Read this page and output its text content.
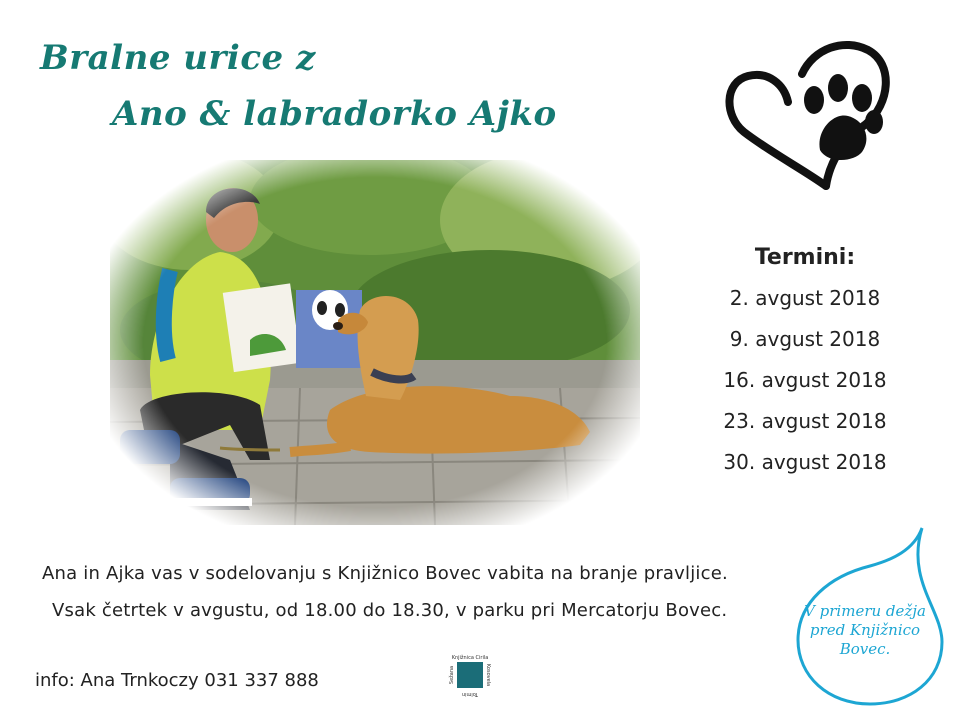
Bralne urice z
Ano & labradorko Ajko
Termini:
2. avgust 2018
9. avgust 2018
16. avgust 2018
23. avgust 2018
30. avgust 2018

Ana in Ajka vas v sodelovanju s Knjižnico Bovec vabita na branje pravljice.

Vsak četrtek v avgustu, od 18.00 do 18.30, v parku pri Mercatorju Bovec.

info: Ana Trnkoczy 031 337 888

Knjižnica Cirila
Kosovela
Tolmin
Sežana
V primeru dežja
pred Knjižnico
Bovec.
